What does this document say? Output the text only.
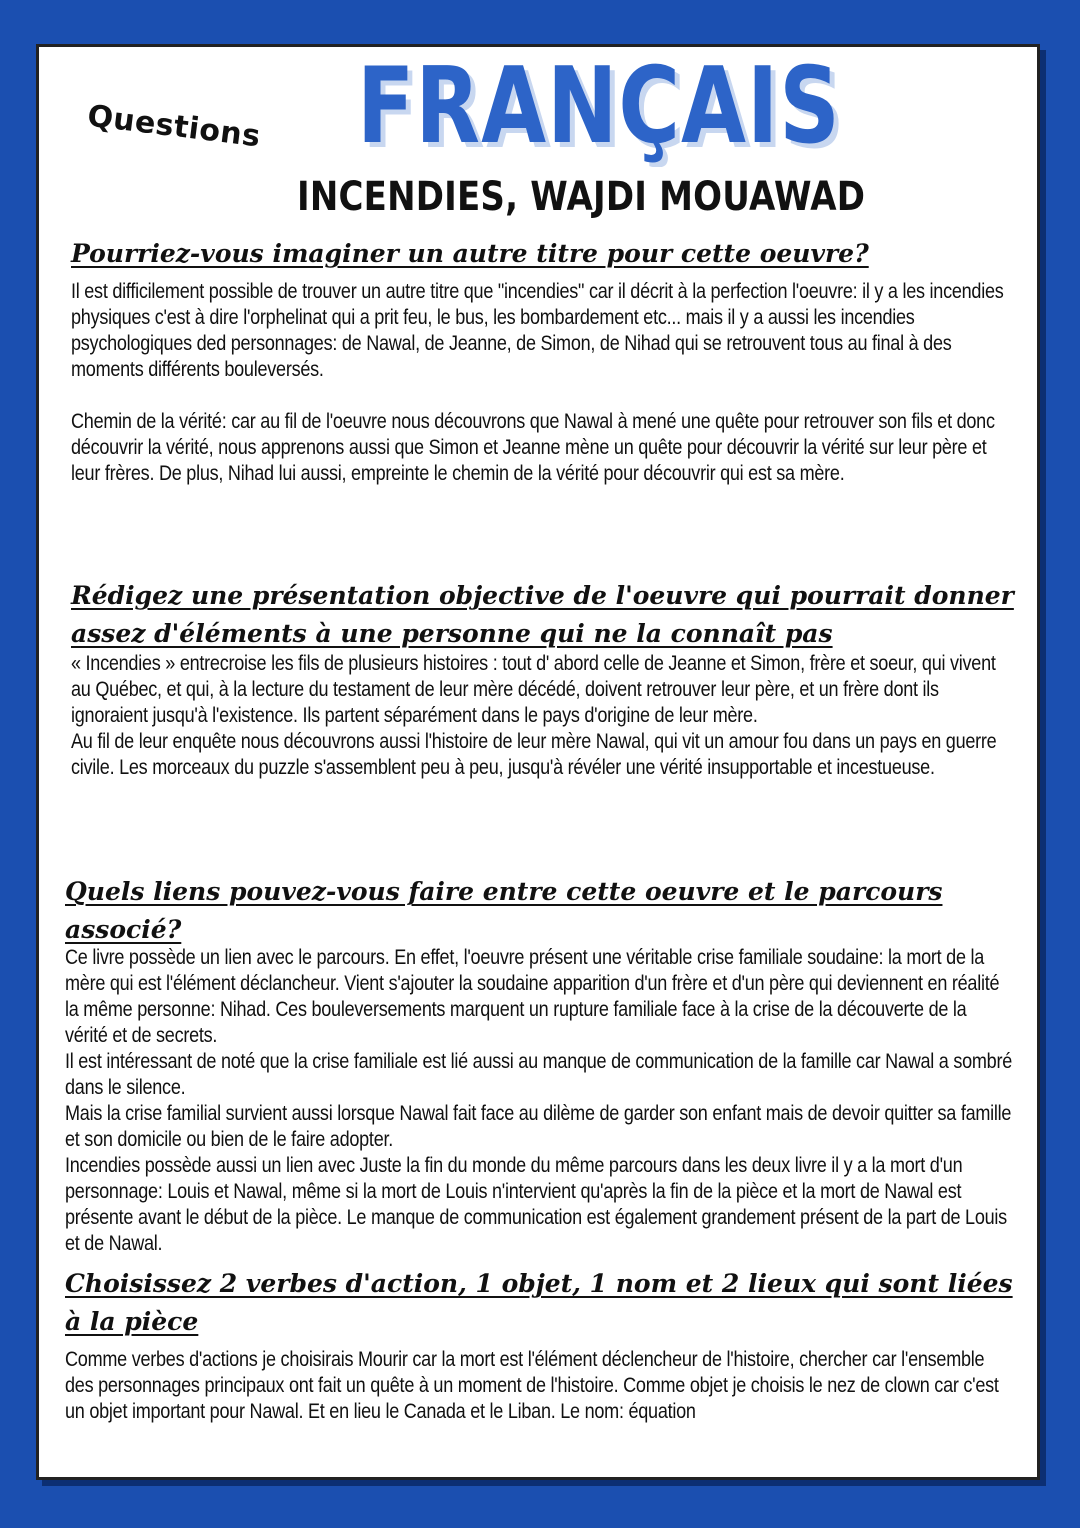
Questions FRANÇAIS
INCENDIES, WAJDI MOUAWAD
Pourriez-vous imaginer un autre titre pour cette oeuvre?

Il est difficilement possible de trouver un autre titre que "incendies" car il décrit à la perfection l'oeuvre: il y a les incendies physiques c'est à dire l'orphelinat qui a prit feu, le bus, les bombardement etc... mais il y a aussi les incendies psychologiques ded personnages: de Nawal, de Jeanne, de Simon, de Nihad qui se retrouvent tous au final à des moments différents bouleversés.

Chemin de la vérité: car au fil de l'oeuvre nous découvrons que Nawal à mené une quête pour retrouver son fils et donc découvrir la vérité, nous apprenons aussi que Simon et Jeanne mène un quête pour découvrir la vérité sur leur père et leur frères. De plus, Nihad lui aussi, empreinte le chemin de la vérité pour découvrir qui est sa mère.

Rédigez une présentation objective de l'oeuvre qui pourrait donner assez d'éléments à une personne qui ne la connaît pas

« Incendies » entrecroise les fils de plusieurs histoires : tout d' abord celle de Jeanne et Simon, frère et soeur, qui vivent au Québec, et qui, à la lecture du testament de leur mère décédé, doivent retrouver leur père, et un frère dont ils ignoraient jusqu'à l'existence. Ils partent séparément dans le pays d'origine de leur mère.

Au fil de leur enquête nous découvrons aussi l'histoire de leur mère Nawal, qui vit un amour fou dans un pays en guerre civile. Les morceaux du puzzle s'assemblent peu à peu, jusqu'à révéler une vérité insupportable et incestueuse.

Quels liens pouvez-vous faire entre cette oeuvre et le parcours associé?

Ce livre possède un lien avec le parcours. En effet, l'oeuvre présent une véritable crise familiale soudaine: la mort de la mère qui est l'élément déclancheur. Vient s'ajouter la soudaine apparition d'un frère et d'un père qui deviennent en réalité la même personne: Nihad. Ces bouleversements marquent un rupture familiale face à la crise de la découverte de la vérité et de secrets.

Il est intéressant de noté que la crise familiale est lié aussi au manque de communication de la famille car Nawal a sombré dans le silence.

Mais la crise familial survient aussi lorsque Nawal fait face au dilème de garder son enfant mais de devoir quitter sa famille et son domicile ou bien de le faire adopter.

Incendies possède aussi un lien avec Juste la fin du monde du même parcours dans les deux livre il y a la mort d'un personnage: Louis et Nawal, même si la mort de Louis n'intervient qu'après la fin de la pièce et la mort de Nawal est présente avant le début de la pièce. Le manque de communication est également grandement présent de la part de Louis et de Nawal.

Choisissez 2 verbes d'action, 1 objet, 1 nom et 2 lieux qui sont liées à la pièce

Comme verbes d'actions je choisirais Mourir car la mort est l'élément déclencheur de l'histoire, chercher car l'ensemble des personnages principaux ont fait un quête à un moment de l'histoire. Comme objet je choisis le nez de clown car c'est un objet important pour Nawal. Et en lieu le Canada et le Liban. Le nom: équation
